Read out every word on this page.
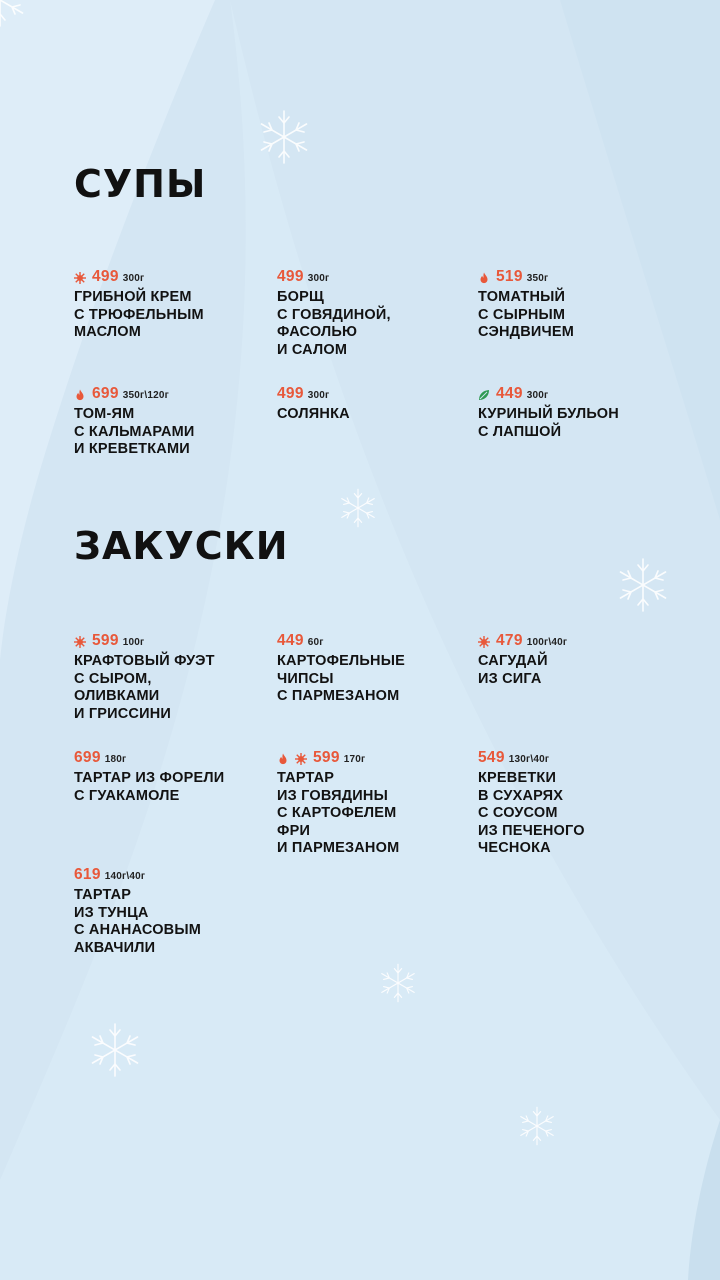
СУПЫ
499 300г
ГРИБНОЙ КРЕМ
С ТРЮФЕЛЬНЫМ
МАСЛОМ
499 300г
БОРЩ
С ГОВЯДИНОЙ,
ФАСОЛЬЮ
И САЛОМ
519 350г
ТОМАТНЫЙ
С СЫРНЫМ
СЭНДВИЧЕМ
699 350г\120г
ТОМ-ЯМ
С КАЛЬМАРАМИ
И КРЕВЕТКАМИ
499 300г
СОЛЯНКА
449 300г
КУРИНЫЙ БУЛЬОН
С ЛАПШОЙ
ЗАКУСКИ
599 100г
КРАФТОВЫЙ ФУЭТ
С СЫРОМ,
ОЛИВКАМИ
И ГРИССИНИ
449 60г
КАРТОФЕЛЬНЫЕ
ЧИПСЫ
С ПАРМЕЗАНОМ
479 100г\40г
САГУДАЙ
ИЗ СИГА
699 180г
ТАРТАР ИЗ ФОРЕЛИ
С ГУАКАМОЛЕ
599 170г
ТАРТАР
ИЗ ГОВЯДИНЫ
С КАРТОФЕЛЕМ
ФРИ
И ПАРМЕЗАНОМ
549 130г\40г
КРЕВЕТКИ
В СУХАРЯХ
С СОУСОМ
ИЗ ПЕЧЕНОГО
ЧЕСНОКА
619 140г\40г
ТАРТАР
ИЗ ТУНЦА
С АНАНАСОВЫМ
АКВАЧИЛИ
